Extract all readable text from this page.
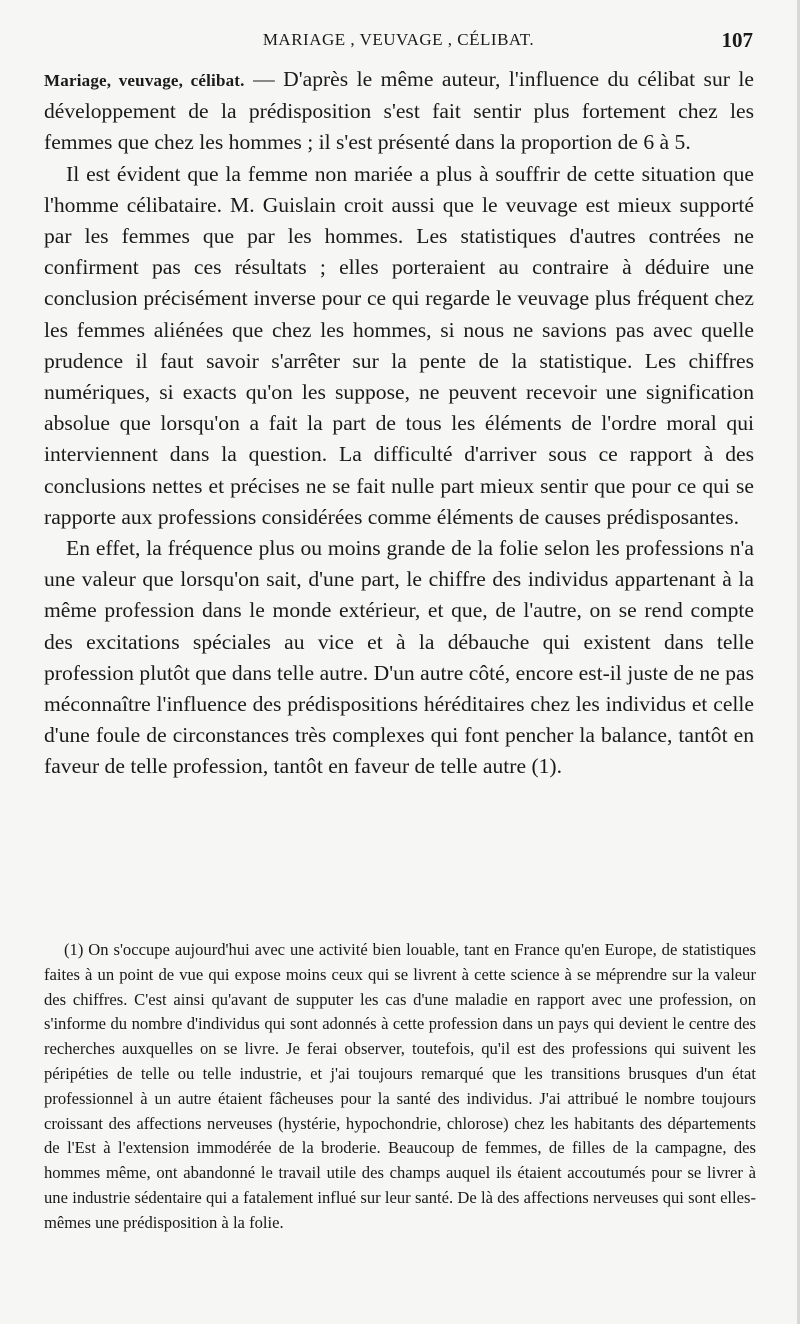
MARIAGE , VEUVAGE , CÉLIBAT.	107

Mariage, veuvage, célibat. — D'après le même auteur, l'influence du célibat sur le développement de la prédisposition s'est fait sentir plus fortement chez les femmes que chez les hommes ; il s'est présenté dans la proportion de 6 à 5.

Il est évident que la femme non mariée a plus à souffrir de cette situation que l'homme célibataire. M. Guislain croit aussi que le veuvage est mieux supporté par les femmes que par les hommes. Les statistiques d'autres contrées ne confirment pas ces résultats ; elles porteraient au contraire à déduire une conclusion précisément inverse pour ce qui regarde le veuvage plus fréquent chez les femmes aliénées que chez les hommes, si nous ne savions pas avec quelle prudence il faut savoir s'arrêter sur la pente de la statistique. Les chiffres numériques, si exacts qu'on les suppose, ne peuvent recevoir une signification absolue que lorsqu'on a fait la part de tous les éléments de l'ordre moral qui interviennent dans la question. La difficulté d'arriver sous ce rapport à des conclusions nettes et précises ne se fait nulle part mieux sentir que pour ce qui se rapporte aux professions considérées comme éléments de causes prédisposantes.

En effet, la fréquence plus ou moins grande de la folie selon les professions n'a une valeur que lorsqu'on sait, d'une part, le chiffre des individus appartenant à la même profession dans le monde extérieur, et que, de l'autre, on se rend compte des excitations spéciales au vice et à la débauche qui existent dans telle profession plutôt que dans telle autre. D'un autre côté, encore est-il juste de ne pas méconnaître l'influence des prédispositions héréditaires chez les individus et celle d'une foule de circonstances très complexes qui font pencher la balance, tantôt en faveur de telle profession, tantôt en faveur de telle autre (1).

(1) On s'occupe aujourd'hui avec une activité bien louable, tant en France qu'en Europe, de statistiques faites à un point de vue qui expose moins ceux qui se livrent à cette science à se méprendre sur la valeur des chiffres. C'est ainsi qu'avant de supputer les cas d'une maladie en rapport avec une profession, on s'informe du nombre d'individus qui sont adonnés à cette profession dans un pays qui devient le centre des recherches auxquelles on se livre. Je ferai observer, toutefois, qu'il est des professions qui suivent les péripéties de telle ou telle industrie, et j'ai toujours remarqué que les transitions brusques d'un état professionnel à un autre étaient fâcheuses pour la santé des individus. J'ai attribué le nombre toujours croissant des affections nerveuses (hystérie, hypochondrie, chlorose) chez les habitants des départements de l'Est à l'extension immodérée de la broderie. Beaucoup de femmes, de filles de la campagne, des hommes même, ont abandonné le travail utile des champs auquel ils étaient accoutumés pour se livrer à une industrie sédentaire qui a fatalement influé sur leur santé. De là des affections nerveuses qui sont elles-mêmes une prédisposition à la folie.
